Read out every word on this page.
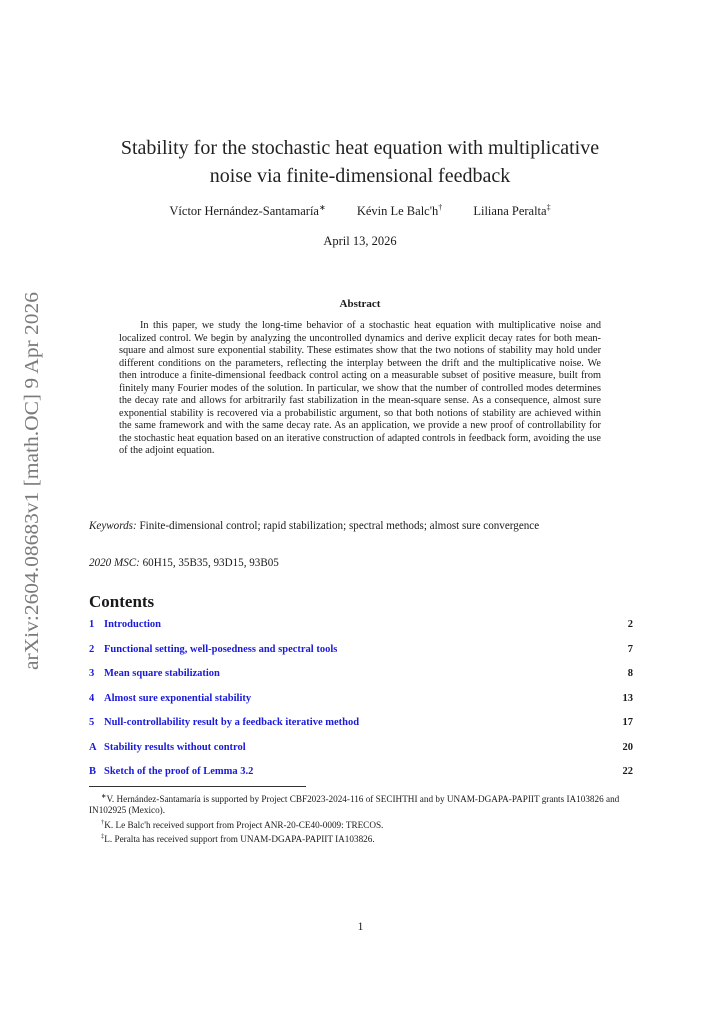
arXiv:2604.08683v1 [math.OC] 9 Apr 2026
Stability for the stochastic heat equation with multiplicative
noise via finite-dimensional feedback
Víctor Hernández-Santamaría∗ Kévin Le Balc'h† Liliana Peralta‡
April 13, 2026
Abstract

In this paper, we study the long-time behavior of a stochastic heat equation with multiplicative noise and localized control. We begin by analyzing the uncontrolled dynamics and derive explicit decay rates for both mean-square and almost sure exponential stability. These estimates show that the two notions of stability may hold under different conditions on the parameters, reflecting the interplay between the drift and the multiplicative noise. We then introduce a finite-dimensional feedback control acting on a measurable subset of positive measure, built from finitely many Fourier modes of the solution. In particular, we show that the number of controlled modes determines the decay rate and allows for arbitrarily fast stabilization in the mean-square sense. As a consequence, almost sure exponential stability is recovered via a probabilistic argument, so that both notions of stability are achieved within the same framework and with the same decay rate. As an application, we provide a new proof of controllability for the stochastic heat equation based on an iterative construction of adapted controls in feedback form, avoiding the use of the adjoint equation.

Keywords: Finite-dimensional control; rapid stabilization; spectral methods; almost sure convergence

2020 MSC: 60H15, 35B35, 93D15, 93B05
Contents
1 Introduction	2
2 Functional setting, well-posedness and spectral tools	7
3 Mean square stabilization	8
4 Almost sure exponential stability	13
5 Null-controllability result by a feedback iterative method	17
A Stability results without control	20
B Sketch of the proof of Lemma 3.2	22

∗V. Hernández-Santamaría is supported by Project CBF2023-2024-116 of SECIHTHI and by UNAM-DGAPA-PAPIIT grants IA103826 and IN102925 (Mexico).

†K. Le Balc'h received support from Project ANR-20-CE40-0009: TRECOS.

‡L. Peralta has received support from UNAM-DGAPA-PAPIIT IA103826.

1
